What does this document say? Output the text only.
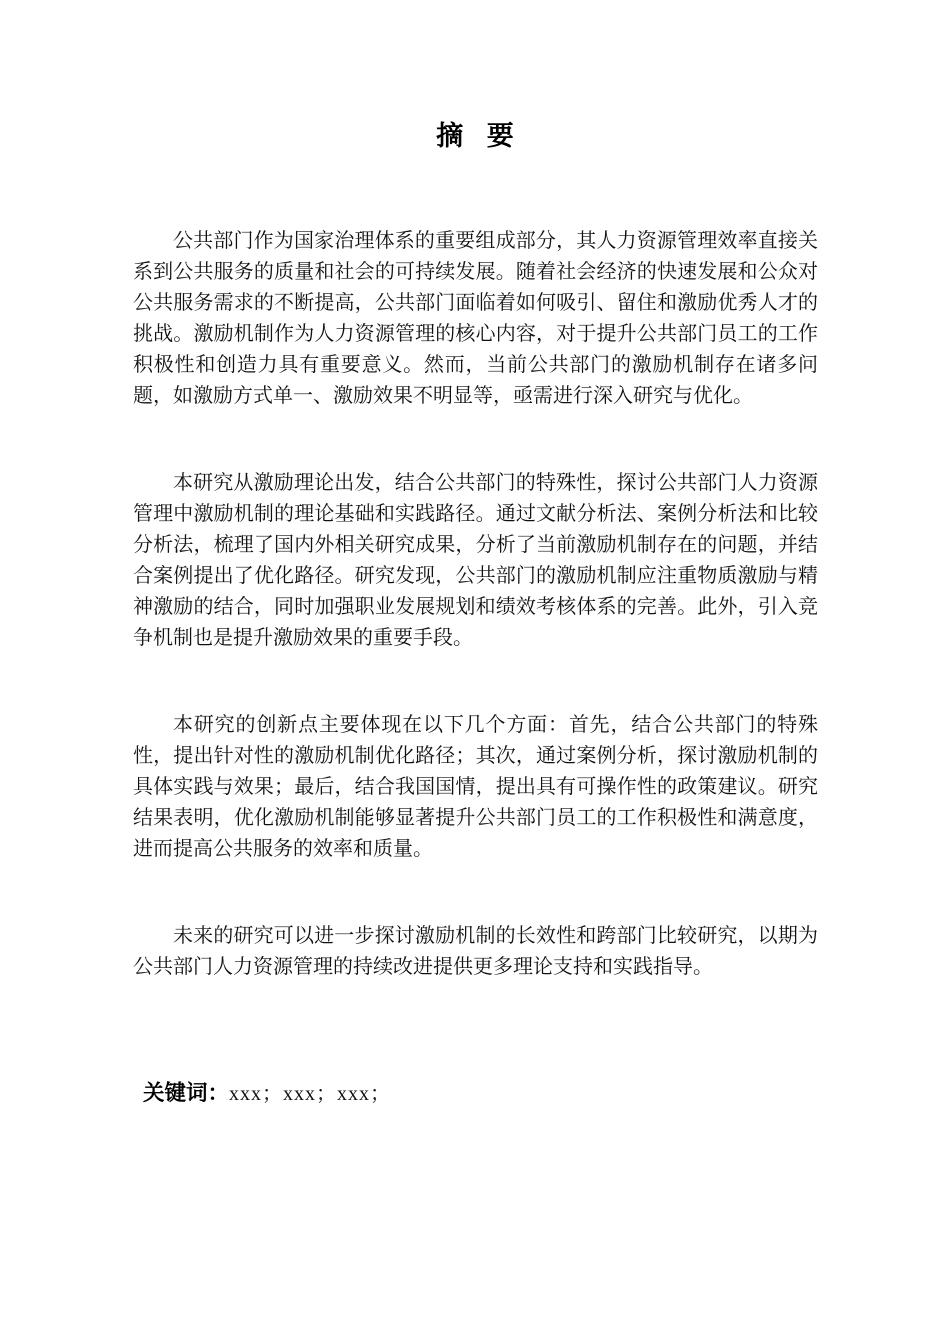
摘 要

公共部门作为国家治理体系的重要组成部分，其人力资源管理效率直接关系到公共服务的质量和社会的可持续发展。随着社会经济的快速发展和公众对公共服务需求的不断提高，公共部门面临着如何吸引、留住和激励优秀人才的挑战。激励机制作为人力资源管理的核心内容，对于提升公共部门员工的工作积极性和创造力具有重要意义。然而，当前公共部门的激励机制存在诸多问题，如激励方式单一、激励效果不明显等，亟需进行深入研究与优化。

本研究从激励理论出发，结合公共部门的特殊性，探讨公共部门人力资源管理中激励机制的理论基础和实践路径。通过文献分析法、案例分析法和比较分析法，梳理了国内外相关研究成果，分析了当前激励机制存在的问题，并结合案例提出了优化路径。研究发现，公共部门的激励机制应注重物质激励与精神激励的结合，同时加强职业发展规划和绩效考核体系的完善。此外，引入竞争机制也是提升激励效果的重要手段。

本研究的创新点主要体现在以下几个方面：首先，结合公共部门的特殊性，提出针对性的激励机制优化路径；其次，通过案例分析，探讨激励机制的具体实践与效果；最后，结合我国国情，提出具有可操作性的政策建议。研究结果表明，优化激励机制能够显著提升公共部门员工的工作积极性和满意度，进而提高公共服务的效率和质量。

未来的研究可以进一步探讨激励机制的长效性和跨部门比较研究，以期为公共部门人力资源管理的持续改进提供更多理论支持和实践指导。

关键词：xxx；xxx；xxx；
